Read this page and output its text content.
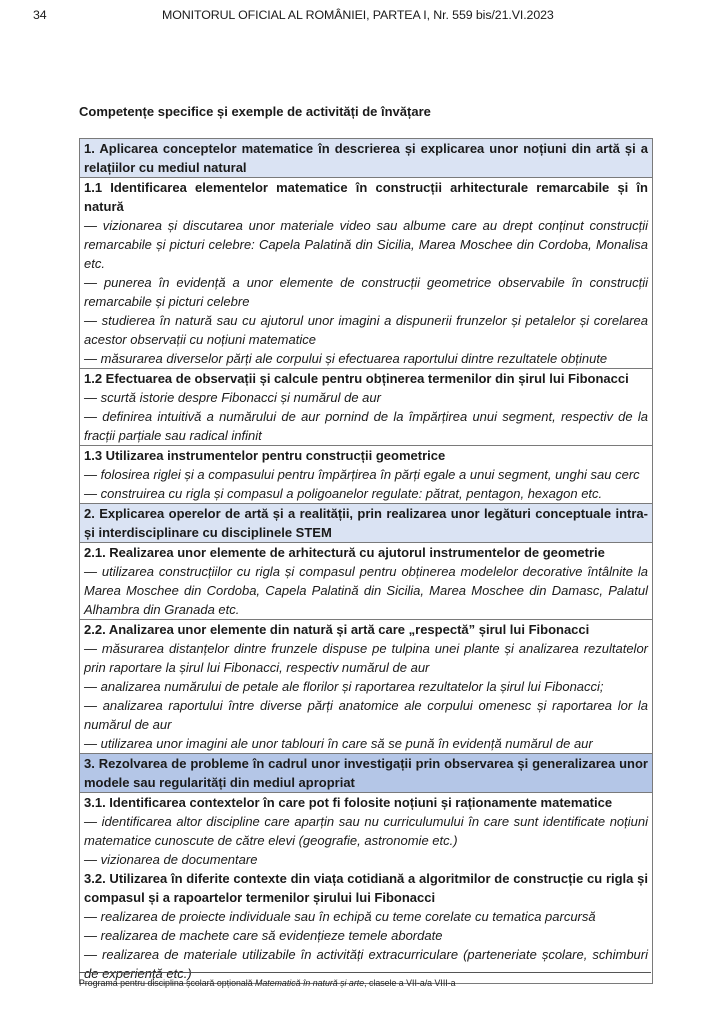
34	MONITORUL OFICIAL AL ROMÂNIEI, PARTEA I, Nr. 559 bis/21.VI.2023
Competențe specifice și exemple de activități de învățare
1. Aplicarea conceptelor matematice în descrierea și explicarea unor noțiuni din artă și a relațiilor cu mediul natural

1.1 Identificarea elementelor matematice în construcții arhitecturale remarcabile și în natură
— vizionarea și discutarea unor materiale video sau albume care au drept conținut construcții remarcabile și picturi celebre: Capela Palatină din Sicilia, Marea Moschee din Cordoba, Monalisa etc.
— punerea în evidență a unor elemente de construcții geometrice observabile în construcții remarcabile și picturi celebre
— studierea în natură sau cu ajutorul unor imagini a dispunerii frunzelor și petalelor și corelarea acestor observații cu noțiuni matematice
— măsurarea diverselor părți ale corpului și efectuarea raportului dintre rezultatele obținute

1.2 Efectuarea de observații și calcule pentru obținerea termenilor din șirul lui Fibonacci
— scurtă istorie despre Fibonacci și numărul de aur
— definirea intuitivă a numărului de aur pornind de la împărțirea unui segment, respectiv de la fracții parțiale sau radical infinit

1.3 Utilizarea instrumentelor pentru construcții geometrice
— folosirea riglei și a compasului pentru împărțirea în părți egale a unui segment, unghi sau cerc
— construirea cu rigla și compasul a poligoanelor regulate: pătrat, pentagon, hexagon etc.

2. Explicarea operelor de artă și a realității, prin realizarea unor legături conceptuale intra- și interdisciplinare cu disciplinele STEM

2.1. Realizarea unor elemente de arhitectură cu ajutorul instrumentelor de geometrie
— utilizarea construcțiilor cu rigla și compasul pentru obținerea modelelor decorative întâlnite la Marea Moschee din Cordoba, Capela Palatină din Sicilia, Marea Moschee din Damasc, Palatul Alhambra din Granada etc.

2.2. Analizarea unor elemente din natură și artă care „respectă” șirul lui Fibonacci
— măsurarea distanțelor dintre frunzele dispuse pe tulpina unei plante și analizarea rezultatelor prin raportare la șirul lui Fibonacci, respectiv numărul de aur
— analizarea numărului de petale ale florilor și raportarea rezultatelor la șirul lui Fibonacci;
— analizarea raportului între diverse părți anatomice ale corpului omenesc și raportarea lor la numărul de aur
— utilizarea unor imagini ale unor tablouri în care să se pună în evidență numărul de aur

3. Rezolvarea de probleme în cadrul unor investigații prin observarea și generalizarea unor modele sau regularități din mediul apropriat

3.1. Identificarea contextelor în care pot fi folosite noțiuni și raționamente matematice
— identificarea altor discipline care aparțin sau nu curriculumului în care sunt identificate noțiuni matematice cunoscute de către elevi (geografie, astronomie etc.)
— vizionarea de documentare
3.2. Utilizarea în diferite contexte din viața cotidiană a algoritmilor de construcție cu rigla și compasul și a rapoartelor termenilor șirului lui Fibonacci
— realizarea de proiecte individuale sau în echipă cu teme corelate cu tematica parcursă
— realizarea de machete care să evidențieze temele abordate
— realizarea de materiale utilizabile în activități extracurriculare (parteneriate școlare, schimburi de experiență etc.)
Programa pentru disciplina școlară opțională Matematică în natură și arte, clasele a VII-a/a VIII-a
